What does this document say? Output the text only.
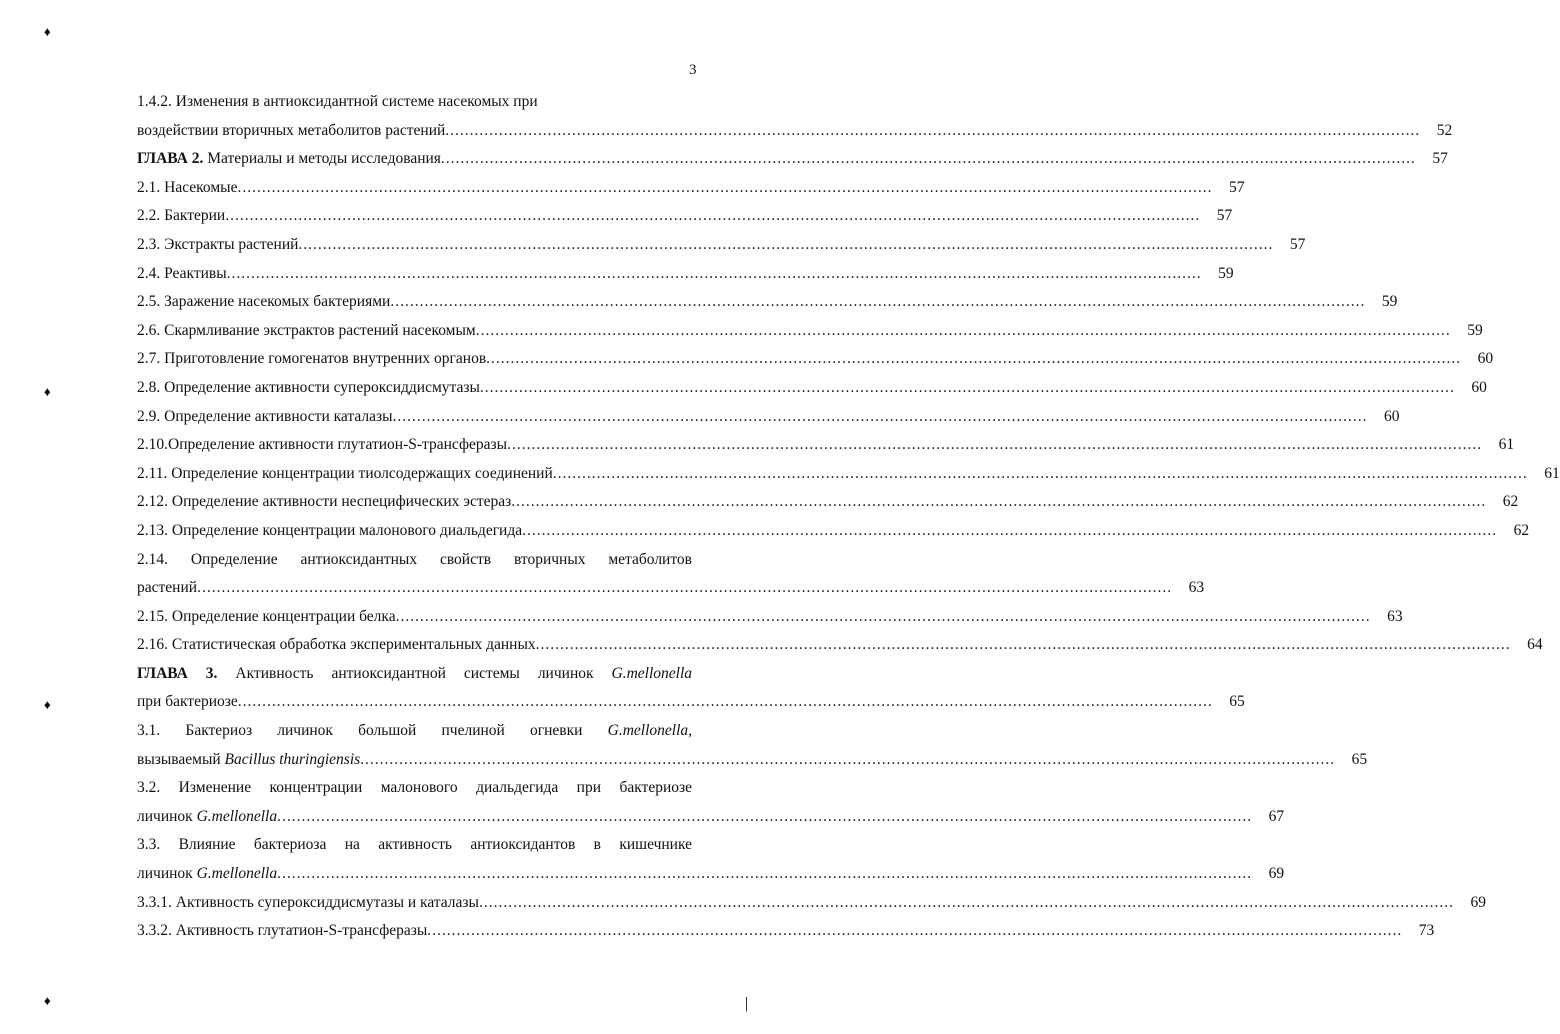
♦
♦
♦
♦	|
3
1.4.2. Изменения в антиоксидантной системе насекомых при
воздействии вторичных метаболитов растений ........................................................................................................................................................................................................	52
ГЛАВА 2. Материалы и методы исследования ........................................................................................................................................................................................................	57
2.1. Насекомые ........................................................................................................................................................................................................	57
2.2. Бактерии ........................................................................................................................................................................................................	57
2.3. Экстракты растений ........................................................................................................................................................................................................	57
2.4. Реактивы ........................................................................................................................................................................................................	59
2.5. Заражение насекомых бактериями ........................................................................................................................................................................................................	59
2.6. Скармливание экстрактов растений насекомым ........................................................................................................................................................................................................	59
2.7. Приготовление гомогенатов внутренних органов ........................................................................................................................................................................................................	60
2.8. Определение активности супероксиддисмутазы ........................................................................................................................................................................................................	60
2.9. Определение активности каталазы ........................................................................................................................................................................................................	60
2.10.Определение активности глутатион-S-трансферазы ........................................................................................................................................................................................................	61
2.11. Определение концентрации тиолсодержащих соединений ........................................................................................................................................................................................................	61
2.12. Определение активности неспецифических эстераз ........................................................................................................................................................................................................	62
2.13. Определение концентрации малонового диальдегида ........................................................................................................................................................................................................	62
2.14. Определение антиоксидантных свойств вторичных метаболитов
растений ........................................................................................................................................................................................................	63
2.15. Определение концентрации белка ........................................................................................................................................................................................................	63
2.16. Статистическая обработка экспериментальных данных ........................................................................................................................................................................................................	64
ГЛАВА 3. Активность антиоксидантной системы личинок G.mellonella
при бактериозе ........................................................................................................................................................................................................	65
3.1. Бактериоз личинок большой пчелиной огневки G.mellonella,
вызываемый Bacillus thuringiensis ........................................................................................................................................................................................................	65
3.2. Изменение концентрации малонового диальдегида при бактериозе
личинок G.mellonella ........................................................................................................................................................................................................	67
3.3. Влияние бактериоза на активность антиоксидантов в кишечнике
личинок G.mellonella ........................................................................................................................................................................................................	69
3.3.1. Активность супероксиддисмутазы и каталазы ........................................................................................................................................................................................................	69
3.3.2. Активность глутатион-S-трансферазы ........................................................................................................................................................................................................	73
